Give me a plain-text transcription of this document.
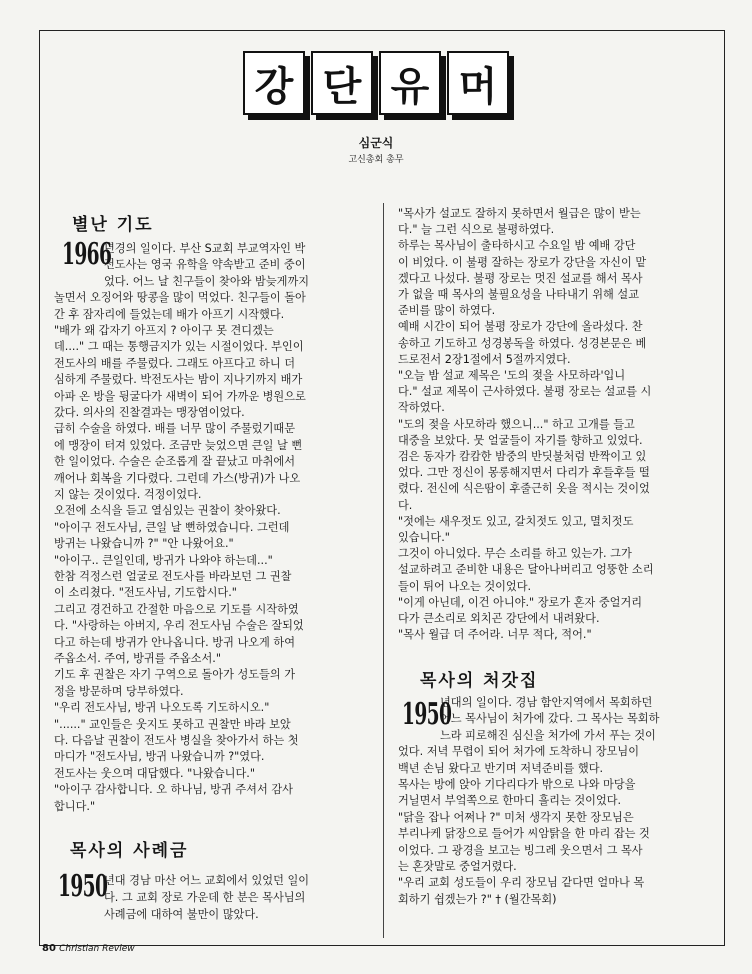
강 단 유 머
심군식
고신총회 총무
별난 기도
1966
년경의 일이다. 부산 S교회 부교역자인 박
전도사는 영국 유학을 약속받고 준비 중이
었다. 어느 날 친구들이 찾아와 밤늦게까지
놀면서 오징어와 땅콩을 많이 먹었다. 친구들이 돌아
간 후 잠자리에 들었는데 배가 아프기 시작했다.
"배가 왜 갑자기 아프지 ? 아이구 못 견디겠는
데...." 그 때는 통행금지가 있는 시절이었다. 부인이
전도사의 배를 주물렀다. 그래도 아프다고 하니 더
심하게 주물렀다. 박전도사는 밤이 지나기까지 배가
아파 온 방을 뒹굴다가 새벽이 되어 가까운 병원으로
갔다. 의사의 진찰결과는 맹장염이었다.
급히 수술을 하였다. 배를 너무 많이 주물렀기때문
에 맹장이 터져 있었다. 조금만 늦었으면 큰일 날 뻔
한 일이었다. 수술은 순조롭게 잘 끝났고 마취에서
깨어나 회복을 기다렸다. 그런데 가스(방귀)가 나오
지 않는 것이었다. 걱정이었다.
오전에 소식을 듣고 열심있는 권찰이 찾아왔다.
"아이구 전도사님, 큰일 날 뻔하였습니다. 그런데
방귀는 나왔습니까 ?" "안 나왔어요."
"아이구.. 큰일인데, 방귀가 나와야 하는데..."
한참 걱정스런 얼굴로 전도사를 바라보던 그 권찰
이 소리쳤다. "전도사님, 기도합시다."
그리고 경건하고 간절한 마음으로 기도를 시작하였
다. "사랑하는 아버지, 우리 전도사님 수술은 잘되었
다고 하는데 방귀가 안나옵니다. 방귀 나오게 하여
주옵소서. 주여, 방귀를 주옵소서."
기도 후 권찰은 자기 구역으로 돌아가 성도들의 가
정을 방문하며 당부하였다.
"우리 전도사님, 방귀 나오도록 기도하시오."
"......" 교인들은 웃지도 못하고 권찰만 바라 보았
다. 다음날 권찰이 전도사 병실을 찾아가서 하는 첫
마디가 "전도사님, 방귀 나왔습니까 ?"였다.
전도사는 웃으며 대답했다. "나왔습니다."
"아이구 감사합니다. 오 하나님, 방귀 주셔서 감사
합니다."
목사의 사례금
1950
년대 경남 마산 어느 교회에서 있었던 일이
다. 그 교회 장로 가운데 한 분은 목사님의
사례금에 대하여 불만이 많았다.
"목사가 설교도 잘하지 못하면서 월급은 많이 받는
다." 늘 그런 식으로 불평하였다.
하루는 목사님이 출타하시고 수요일 밤 예배 강단
이 비었다. 이 불평 잘하는 장로가 강단을 자신이 맡
겠다고 나섰다. 불평 장로는 멋진 설교를 해서 목사
가 없을 때 목사의 불필요성을 나타내기 위해 설교
준비를 많이 하였다.
예배 시간이 되어 불평 장로가 강단에 올라섰다. 찬
송하고 기도하고 성경봉독을 하였다. 성경본문은 베
드로전서 2장1절에서 5절까지였다.
"오늘 밤 설교 제목은 '도의 젖을 사모하라'입니
다." 설교 제목이 근사하였다. 불평 장로는 설교를 시
작하였다.
"도의 젖을 사모하라 했으니..." 하고 고개를 들고
대중을 보았다. 뭇 얼굴들이 자기를 향하고 있었다.
검은 동자가 캄캄한 밤중의 반딧불처럼 반짝이고 있
었다. 그만 정신이 몽롱해지면서 다리가 후들후들 떨
렸다. 전신에 식은땀이 후줄근히 옷을 적시는 것이었
다.
"젓에는 새우젓도 있고, 갈치젓도 있고, 멸치젓도
있습니다."
그것이 아니었다. 무슨 소리를 하고 있는가. 그가
설교하려고 준비한 내용은 달아나버리고 엉뚱한 소리
들이 튀어 나오는 것이었다.
"이게 아닌데, 이건 아니야." 장로가 혼자 중얼거리
다가 큰소리로 외치곤 강단에서 내려왔다.
"목사 월급 더 주어라. 너무 적다, 적어."
목사의 처갓집
1950
년대의 일이다. 경남 함안지역에서 목회하던
어느 목사님이 처가에 갔다. 그 목사는 목회하
느라 피로해진 심신을 처가에 가서 푸는 것이
었다. 저녁 무렵이 되어 처가에 도착하니 장모님이
백년 손님 왔다고 반기며 저녁준비를 했다.
목사는 방에 앉아 기다리다가 밖으로 나와 마당을
거닐면서 부엌쪽으로 한마디 흘리는 것이었다.
"닭을 잡나 어쩌나 ?" 미처 생각지 못한 장모님은
부리나케 닭장으로 들어가 씨암탉을 한 마리 잡는 것
이었다. 그 광경을 보고는 빙그레 웃으면서 그 목사
는 혼잣말로 중얼거렸다.
"우리 교회 성도들이 우리 장모님 같다면 얼마나 목
회하기 쉽겠는가 ?" † (월간목회)
80 Christian Review
